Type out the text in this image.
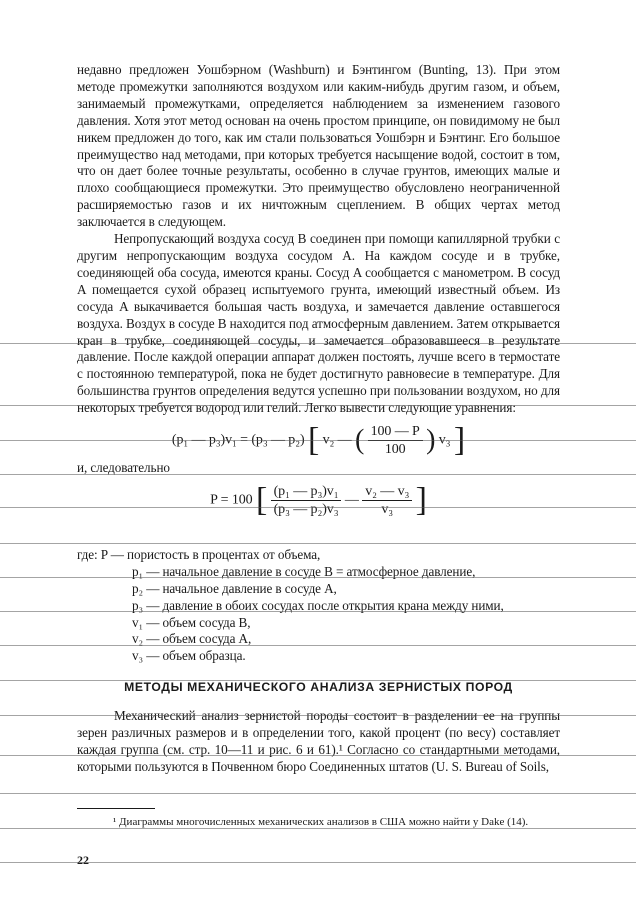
недавно предложен Уошбэрном (Washburn) и Бэнтингом (Bunting, 13). При этом методе промежутки заполняются воздухом или каким-нибудь другим газом, и объем, занимаемый промежутками, определяется наблюдением за изменением газового давления. Хотя этот метод основан на очень простом принципе, он повидимому не был никем предложен до того, как им стали пользоваться Уошбэрн и Бэнтинг. Его большое преимущество над методами, при которых требуется насыщение водой, состоит в том, что он дает более точные результаты, особенно в случае грунтов, имеющих малые и плохо сообщающиеся промежутки. Это преимущество обусловлено неограниченной расширяемостью газов и их ничтожным сцеплением. В общих чертах метод заключается в следующем.

Непропускающий воздуха сосуд B соединен при помощи капиллярной трубки с другим непропускающим воздуха сосудом A. На каждом сосуде и в трубке, соединяющей оба сосуда, имеются краны. Сосуд A сообщается с манометром. В сосуд A помещается сухой образец испытуемого грунта, имеющий известный объем. Из сосуда A выкачивается большая часть воздуха, и замечается давление оставшегося воздуха. Воздух в сосуде B находится под атмосферным давлением. Затем открывается кран в трубке, соединяющей сосуды, и замечается образовавшееся в результате давление. После каждой операции аппарат должен постоять, лучше всего в термостате с постоянною температурой, пока не будет достигнуто равновесие в температуре. Для большинства грунтов определения ведутся успешно при пользовании воздухом, но для некоторых требуется водород или гелий. Легко вывести следующие уравнения:

(p₁ — p₃)v₁ = (p₃ — p₂) [ v₂ — ( $\frac{100 — P}{100}$ ) v₃ ]

и, следовательно

P = 100 [ $\frac{\text{(p₁ — p₃)v₁}}{\text{(p₃ — p₂)v₃}}$ — $\frac{\text{v₂ — v₃}}{\text{v₃}}$ ]
где: P — пористость в процентах от объема,
p₁ — начальное давление в сосуде B = атмосферное давление,
p₂ — начальное давление в сосуде A,
p₃ — давление в обоих сосудах после открытия крана между ними,
v₁ — объем сосуда B,
v₂ — объем сосуда A,
v₃ — объем образца.
МЕТОДЫ МЕХАНИЧЕСКОГО АНАЛИЗА ЗЕРНИСТЫХ ПОРОД

Механический анализ зернистой породы состоит в разделении ее на группы зерен различных размеров и в определении того, какой процент (по весу) составляет каждая группа (см. стр. 10—11 и рис. 6 и 61).¹ Согласно со стандартными методами, которыми пользуются в Почвенном бюро Соединенных штатов (U. S. Bureau of Soils,

¹ Диаграммы многочисленных механических анализов в США можно найти у Dake (14).
22
